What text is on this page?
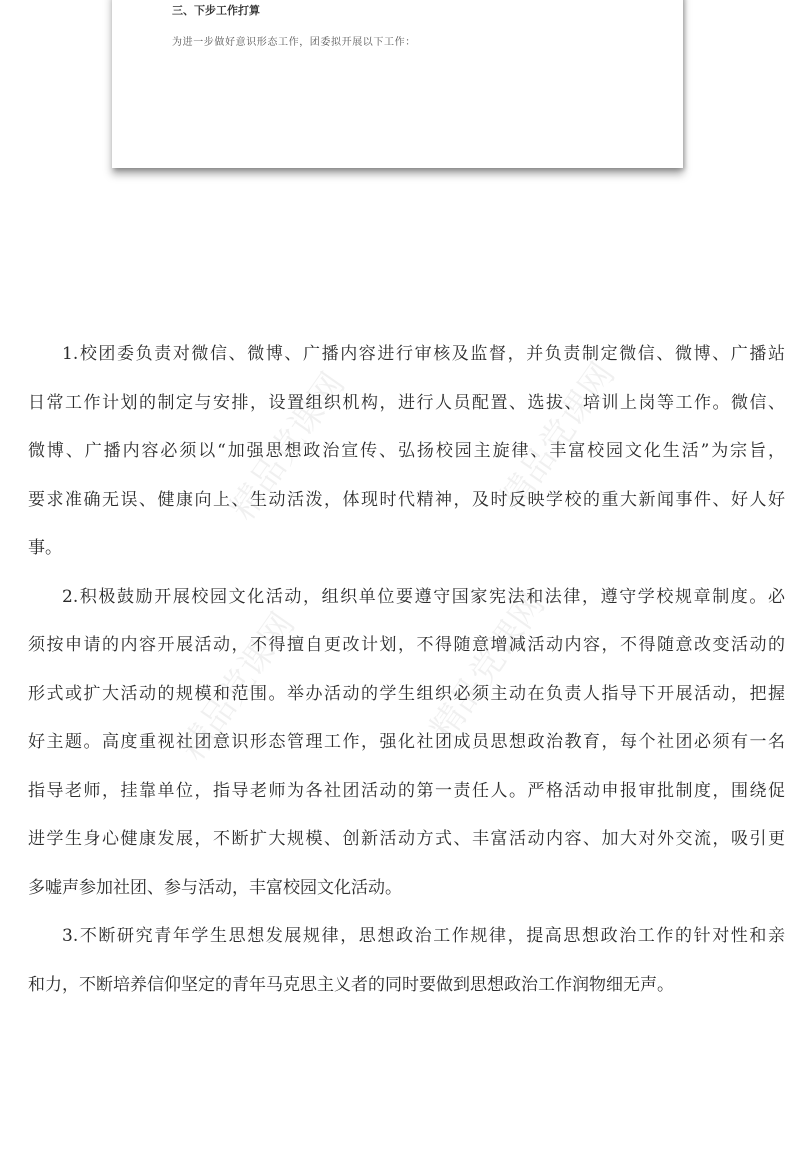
三、下步工作打算
为进一步做好意识形态工作，团委拟开展以下工作：
精品党课网	精品党课网
精品党课网	精品党课网
1.校团委负责对微信、微博、广播内容进行审核及监督，并负责制定微信、微博、广播站
日常工作计划的制定与安排，设置组织机构，进行人员配置、选拔、培训上岗等工作。微信、
微博、广播内容必须以“加强思想政治宣传、弘扬校园主旋律、丰富校园文化生活”为宗旨，
要求准确无误、健康向上、生动活泼，体现时代精神，及时反映学校的重大新闻事件、好人好
事。
2.积极鼓励开展校园文化活动，组织单位要遵守国家宪法和法律，遵守学校规章制度。必
须按申请的内容开展活动，不得擅自更改计划，不得随意增减活动内容，不得随意改变活动的
形式或扩大活动的规模和范围。举办活动的学生组织必须主动在负责人指导下开展活动，把握
好主题。高度重视社团意识形态管理工作，强化社团成员思想政治教育，每个社团必须有一名
指导老师，挂靠单位，指导老师为各社团活动的第一责任人。严格活动申报审批制度，围绕促
进学生身心健康发展，不断扩大规模、创新活动方式、丰富活动内容、加大对外交流，吸引更
多嘘声参加社团、参与活动，丰富校园文化活动。
3.不断研究青年学生思想发展规律，思想政治工作规律，提高思想政治工作的针对性和亲
和力，不断培养信仰坚定的青年马克思主义者的同时要做到思想政治工作润物细无声。
